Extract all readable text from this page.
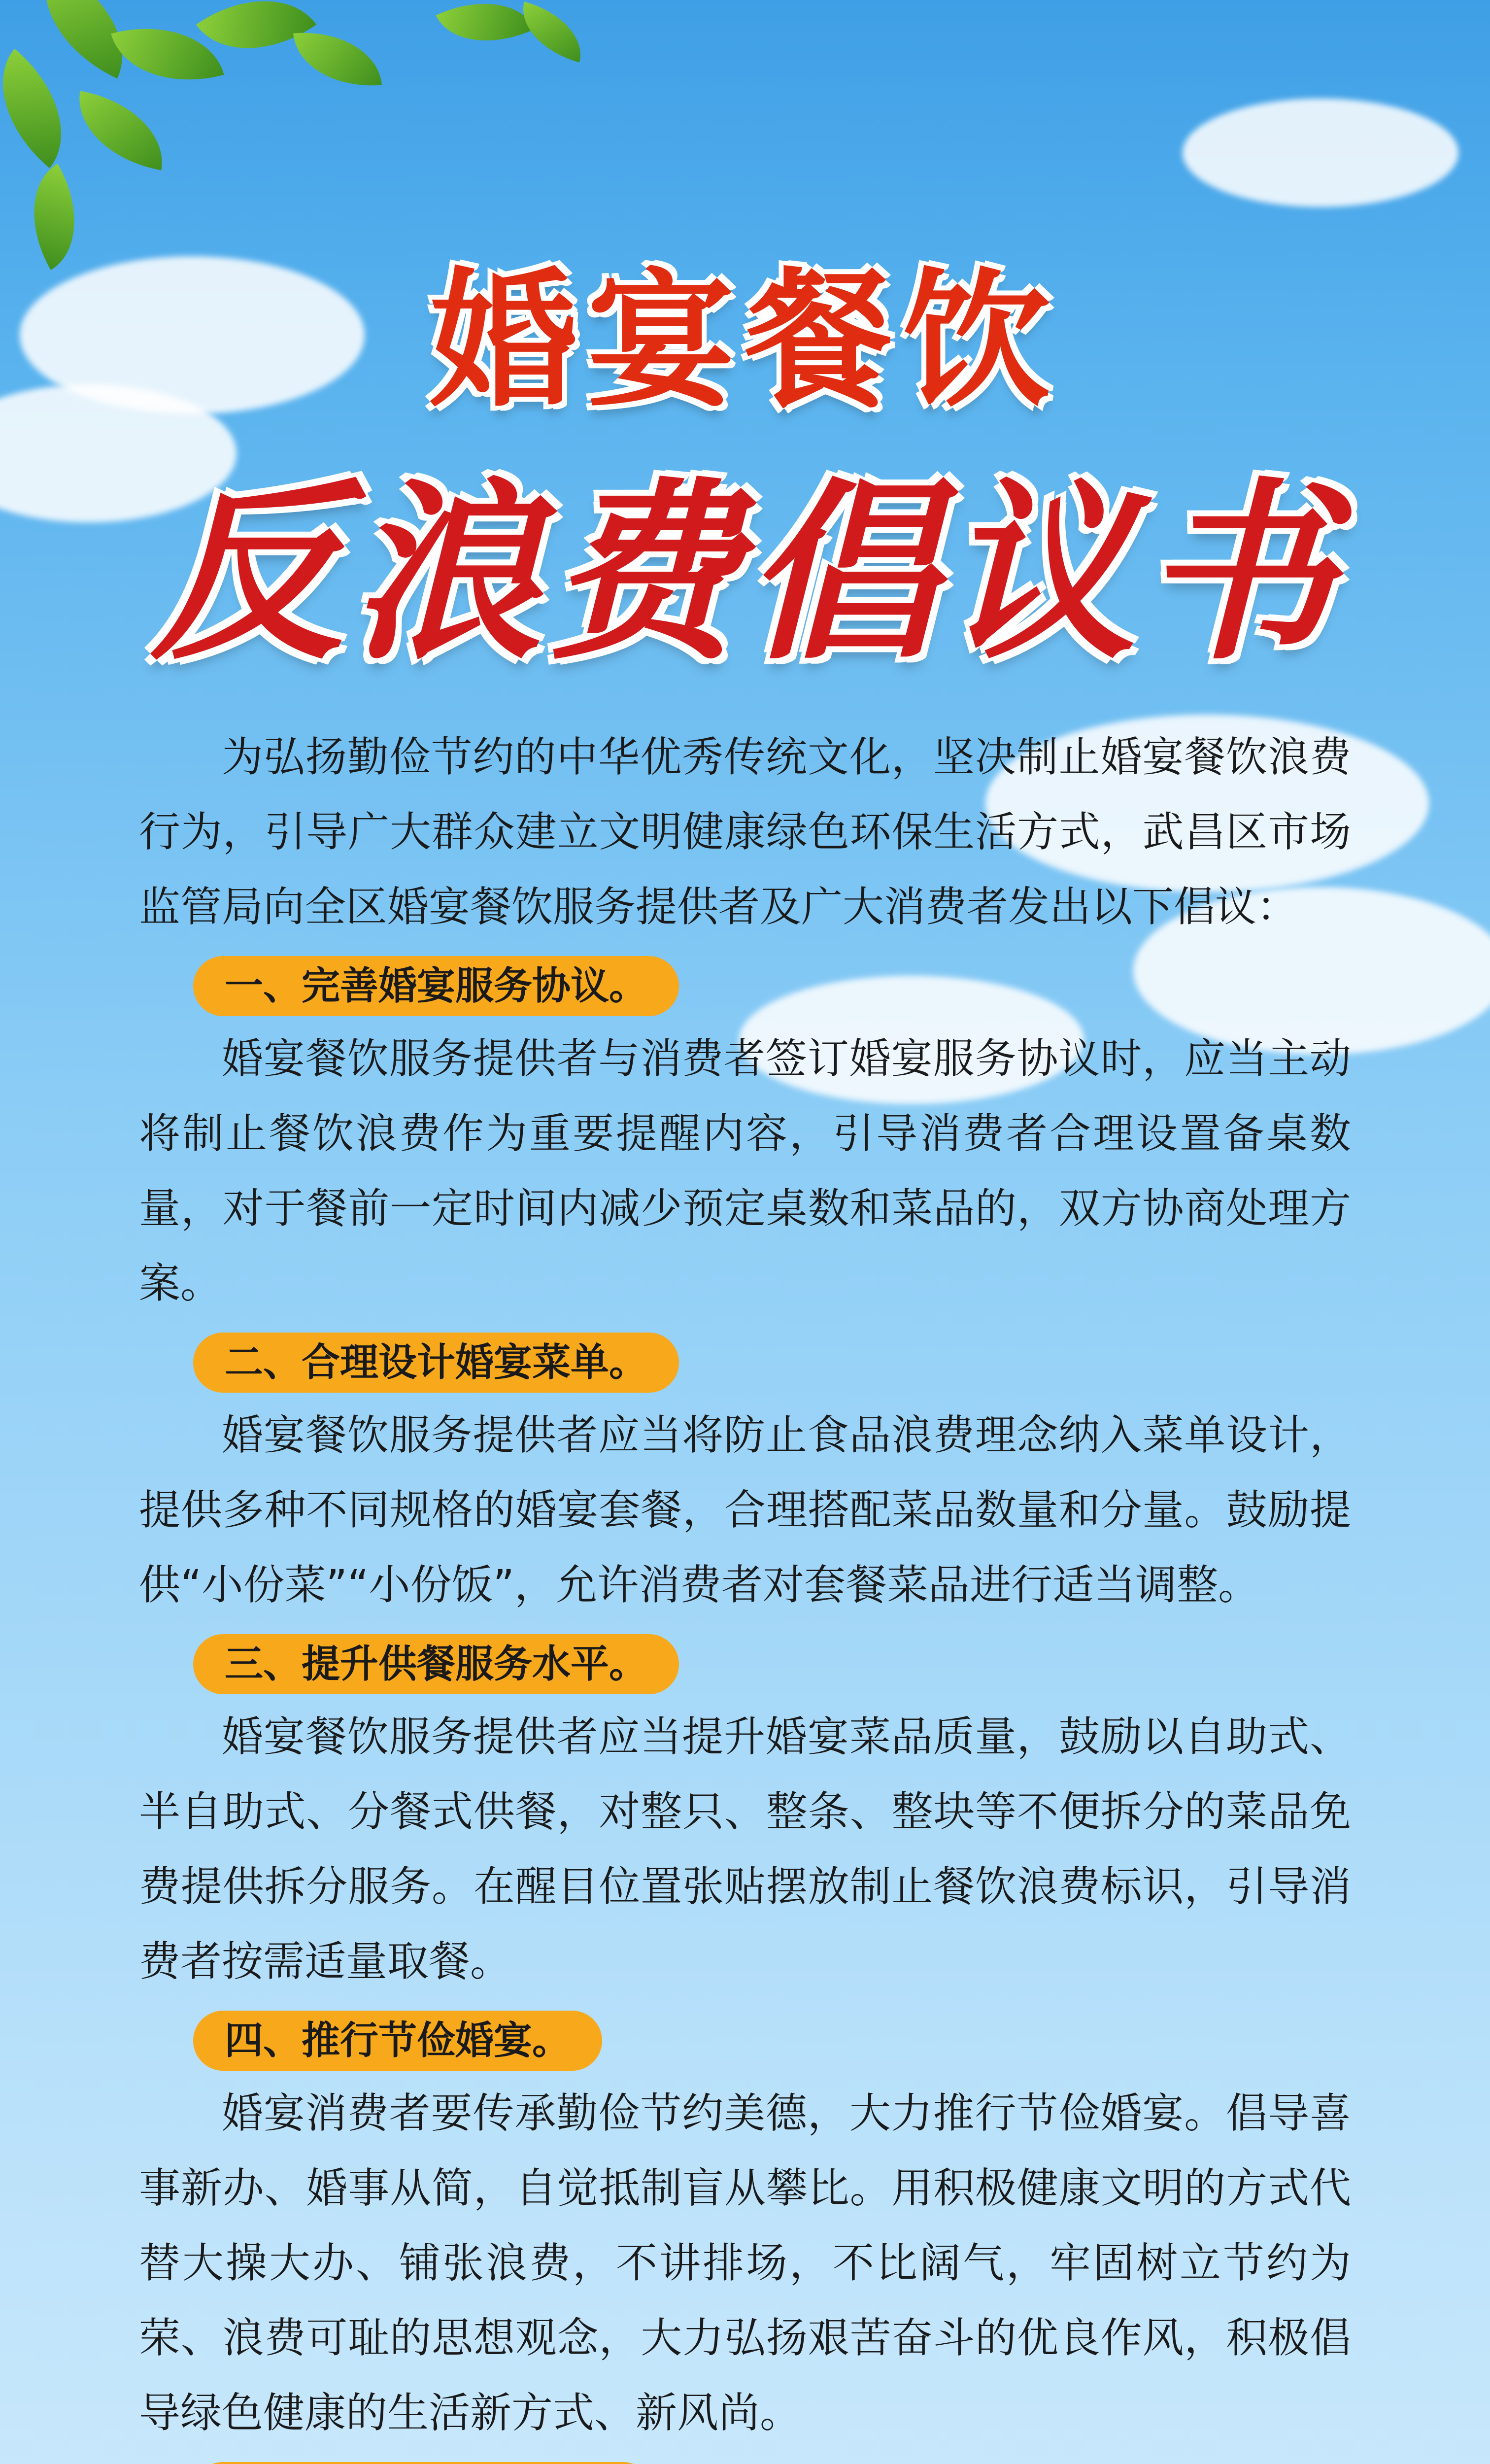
婚宴餐饮
反浪费倡议书

为弘扬勤俭节约的中华优秀传统文化，坚决制止婚宴餐饮浪费行为，引导广大群众建立文明健康绿色环保生活方式，武昌区市场监管局向全区婚宴餐饮服务提供者及广大消费者发出以下倡议：

一、完善婚宴服务协议。

婚宴餐饮服务提供者与消费者签订婚宴服务协议时，应当主动将制止餐饮浪费作为重要提醒内容，引导消费者合理设置备桌数量，对于餐前一定时间内减少预定桌数和菜品的，双方协商处理方案。

二、合理设计婚宴菜单。

婚宴餐饮服务提供者应当将防止食品浪费理念纳入菜单设计，提供多种不同规格的婚宴套餐，合理搭配菜品数量和分量。鼓励提供“小份菜”“小份饭”，允许消费者对套餐菜品进行适当调整。

三、提升供餐服务水平。

婚宴餐饮服务提供者应当提升婚宴菜品质量，鼓励以自助式、半自助式、分餐式供餐，对整只、整条、整块等不便拆分的菜品免费提供拆分服务。在醒目位置张贴摆放制止餐饮浪费标识，引导消费者按需适量取餐。

四、推行节俭婚宴。

婚宴消费者要传承勤俭节约美德，大力推行节俭婚宴。倡导喜事新办、婚事从简，自觉抵制盲从攀比。用积极健康文明的方式代替大操大办、铺张浪费，不讲排场，不比阔气，牢固树立节约为荣、浪费可耻的思想观念，大力弘扬艰苦奋斗的优良作风，积极倡导绿色健康的生活新方式、新风尚。
